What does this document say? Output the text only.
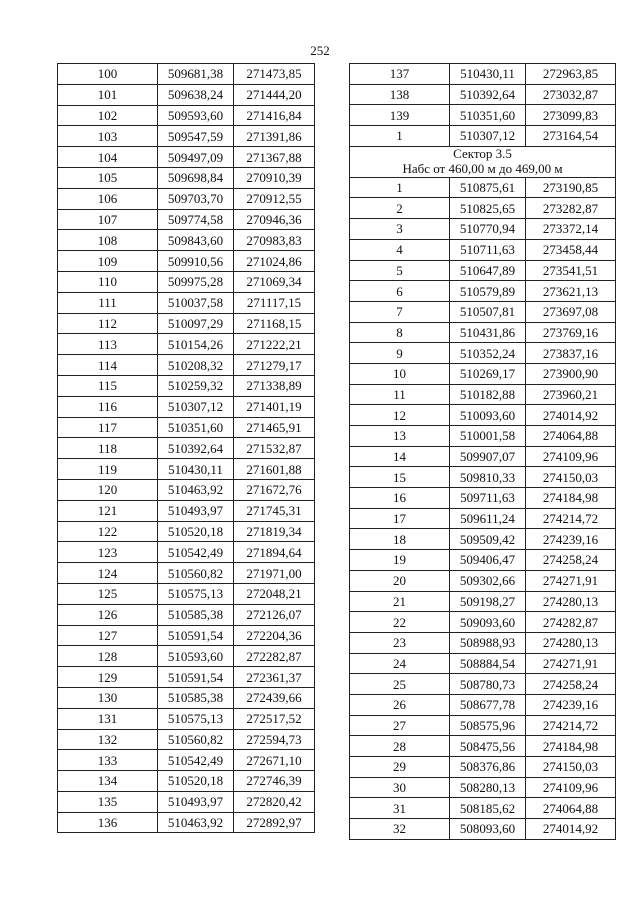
252
100	509681,38	271473,85
101	509638,24	271444,20
102	509593,60	271416,84
103	509547,59	271391,86
104	509497,09	271367,88
105	509698,84	270910,39
106	509703,70	270912,55
107	509774,58	270946,36
108	509843,60	270983,83
109	509910,56	271024,86
110	509975,28	271069,34
111	510037,58	271117,15
112	510097,29	271168,15
113	510154,26	271222,21
114	510208,32	271279,17
115	510259,32	271338,89
116	510307,12	271401,19
117	510351,60	271465,91
118	510392,64	271532,87
119	510430,11	271601,88
120	510463,92	271672,76
121	510493,97	271745,31
122	510520,18	271819,34
123	510542,49	271894,64
124	510560,82	271971,00
125	510575,13	272048,21
126	510585,38	272126,07
127	510591,54	272204,36
128	510593,60	272282,87
129	510591,54	272361,37
130	510585,38	272439,66
131	510575,13	272517,52
132	510560,82	272594,73
133	510542,49	272671,10
134	510520,18	272746,39
135	510493,97	272820,42
136	510463,92	272892,97
137	510430,11	272963,85
138	510392,64	273032,87
139	510351,60	273099,83
1	510307,12	273164,54

Сектор 3.5
Набс от 460,00 м до 469,00 м		

1	510875,61	273190,85
2	510825,65	273282,87
3	510770,94	273372,14
4	510711,63	273458,44
5	510647,89	273541,51
6	510579,89	273621,13
7	510507,81	273697,08
8	510431,86	273769,16
9	510352,24	273837,16
10	510269,17	273900,90
11	510182,88	273960,21
12	510093,60	274014,92
13	510001,58	274064,88
14	509907,07	274109,96
15	509810,33	274150,03
16	509711,63	274184,98
17	509611,24	274214,72
18	509509,42	274239,16
19	509406,47	274258,24
20	509302,66	274271,91
21	509198,27	274280,13
22	509093,60	274282,87
23	508988,93	274280,13
24	508884,54	274271,91
25	508780,73	274258,24
26	508677,78	274239,16
27	508575,96	274214,72
28	508475,56	274184,98
29	508376,86	274150,03
30	508280,13	274109,96
31	508185,62	274064,88
32	508093,60	274014,92
